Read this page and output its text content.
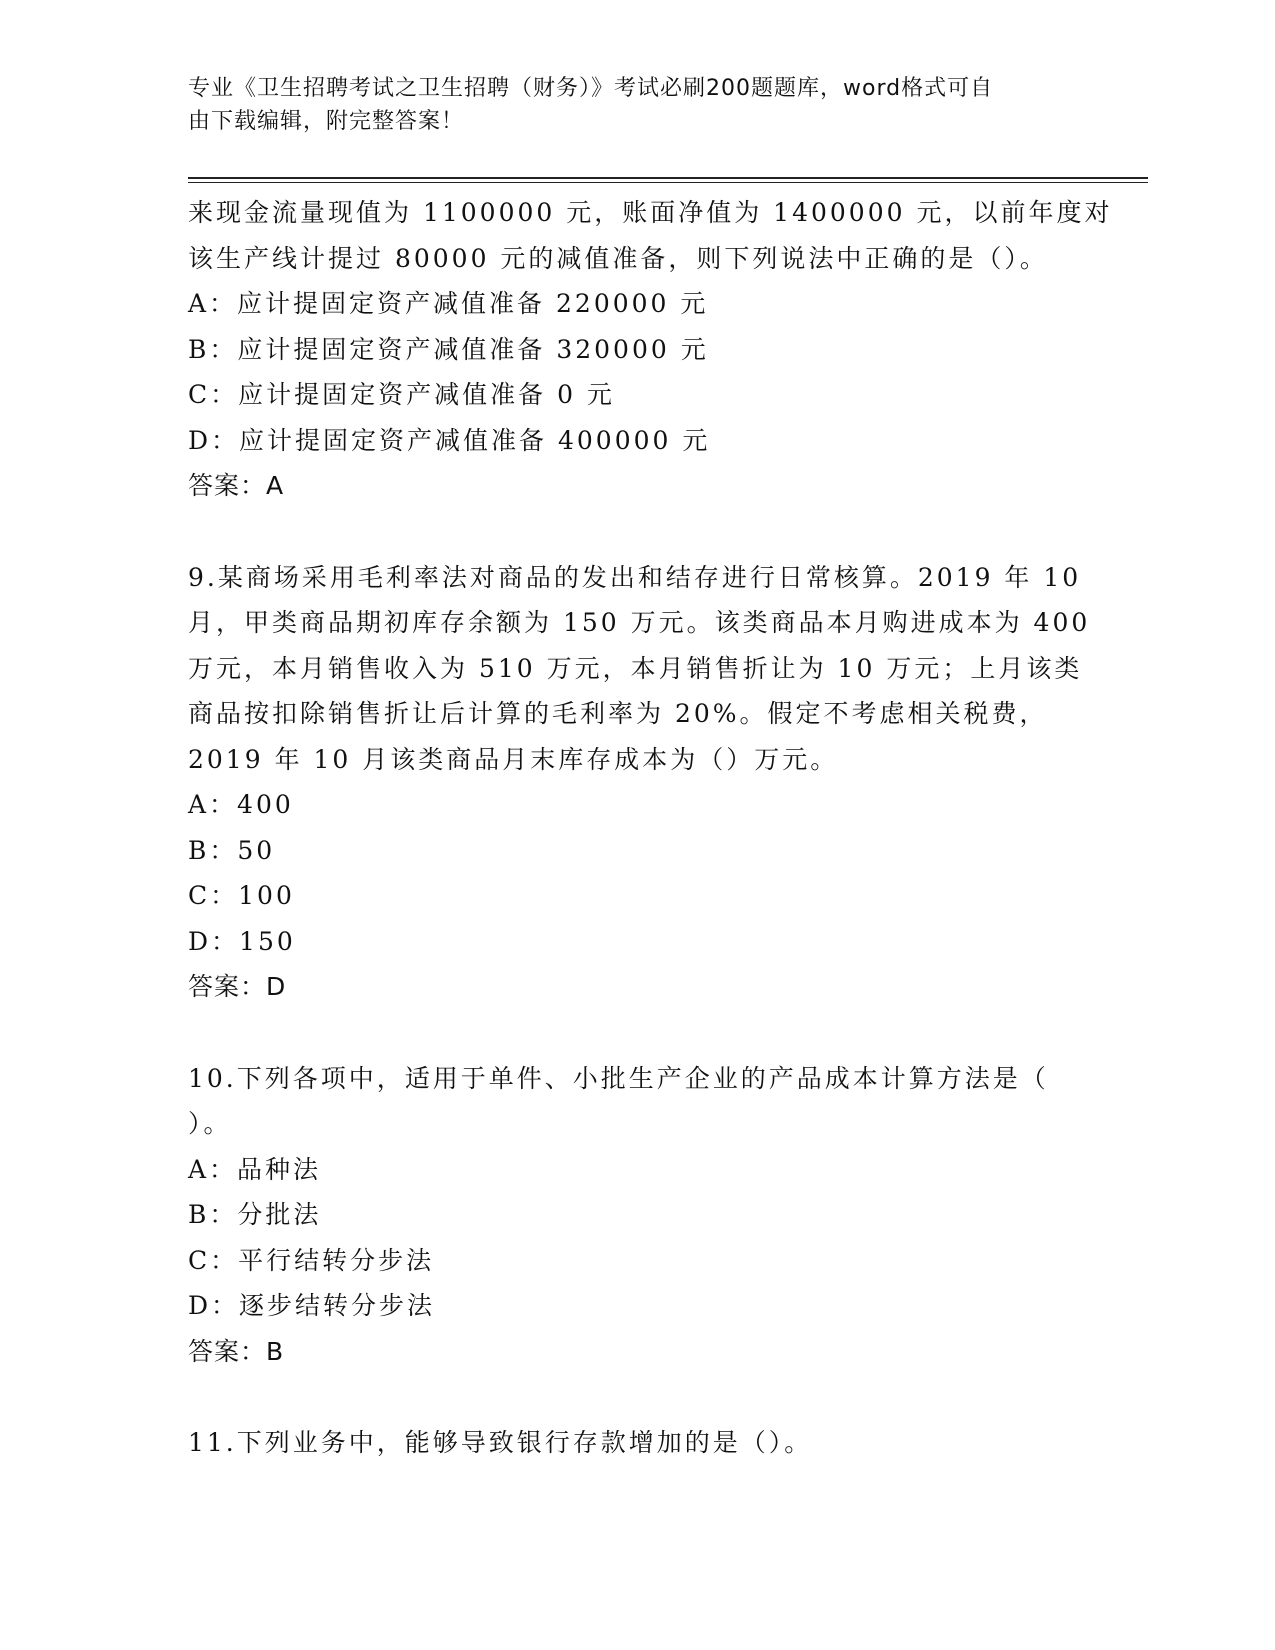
专业《卫生招聘考试之卫生招聘（财务）》考试必刷200题题库，word格式可自
由下载编辑，附完整答案！
来现金流量现值为 1100000 元，账面净值为 1400000 元，以前年度对
该生产线计提过 80000 元的减值准备，则下列说法中正确的是（）。
A：应计提固定资产减值准备 220000 元
B：应计提固定资产减值准备 320000 元
C：应计提固定资产减值准备 0 元
D：应计提固定资产减值准备 400000 元
答案：A
9.某商场采用毛利率法对商品的发出和结存进行日常核算。2019 年 10
月，甲类商品期初库存余额为 150 万元。该类商品本月购进成本为 400
万元，本月销售收入为 510 万元，本月销售折让为 10 万元；上月该类
商品按扣除销售折让后计算的毛利率为 20%。假定不考虑相关税费，
2019 年 10 月该类商品月末库存成本为（）万元。
A：400
B：50
C：100
D：150
答案：D
10.下列各项中，适用于单件、小批生产企业的产品成本计算方法是（
）。
A：品种法
B：分批法
C：平行结转分步法
D：逐步结转分步法
答案：B
11.下列业务中，能够导致银行存款增加的是（）。
